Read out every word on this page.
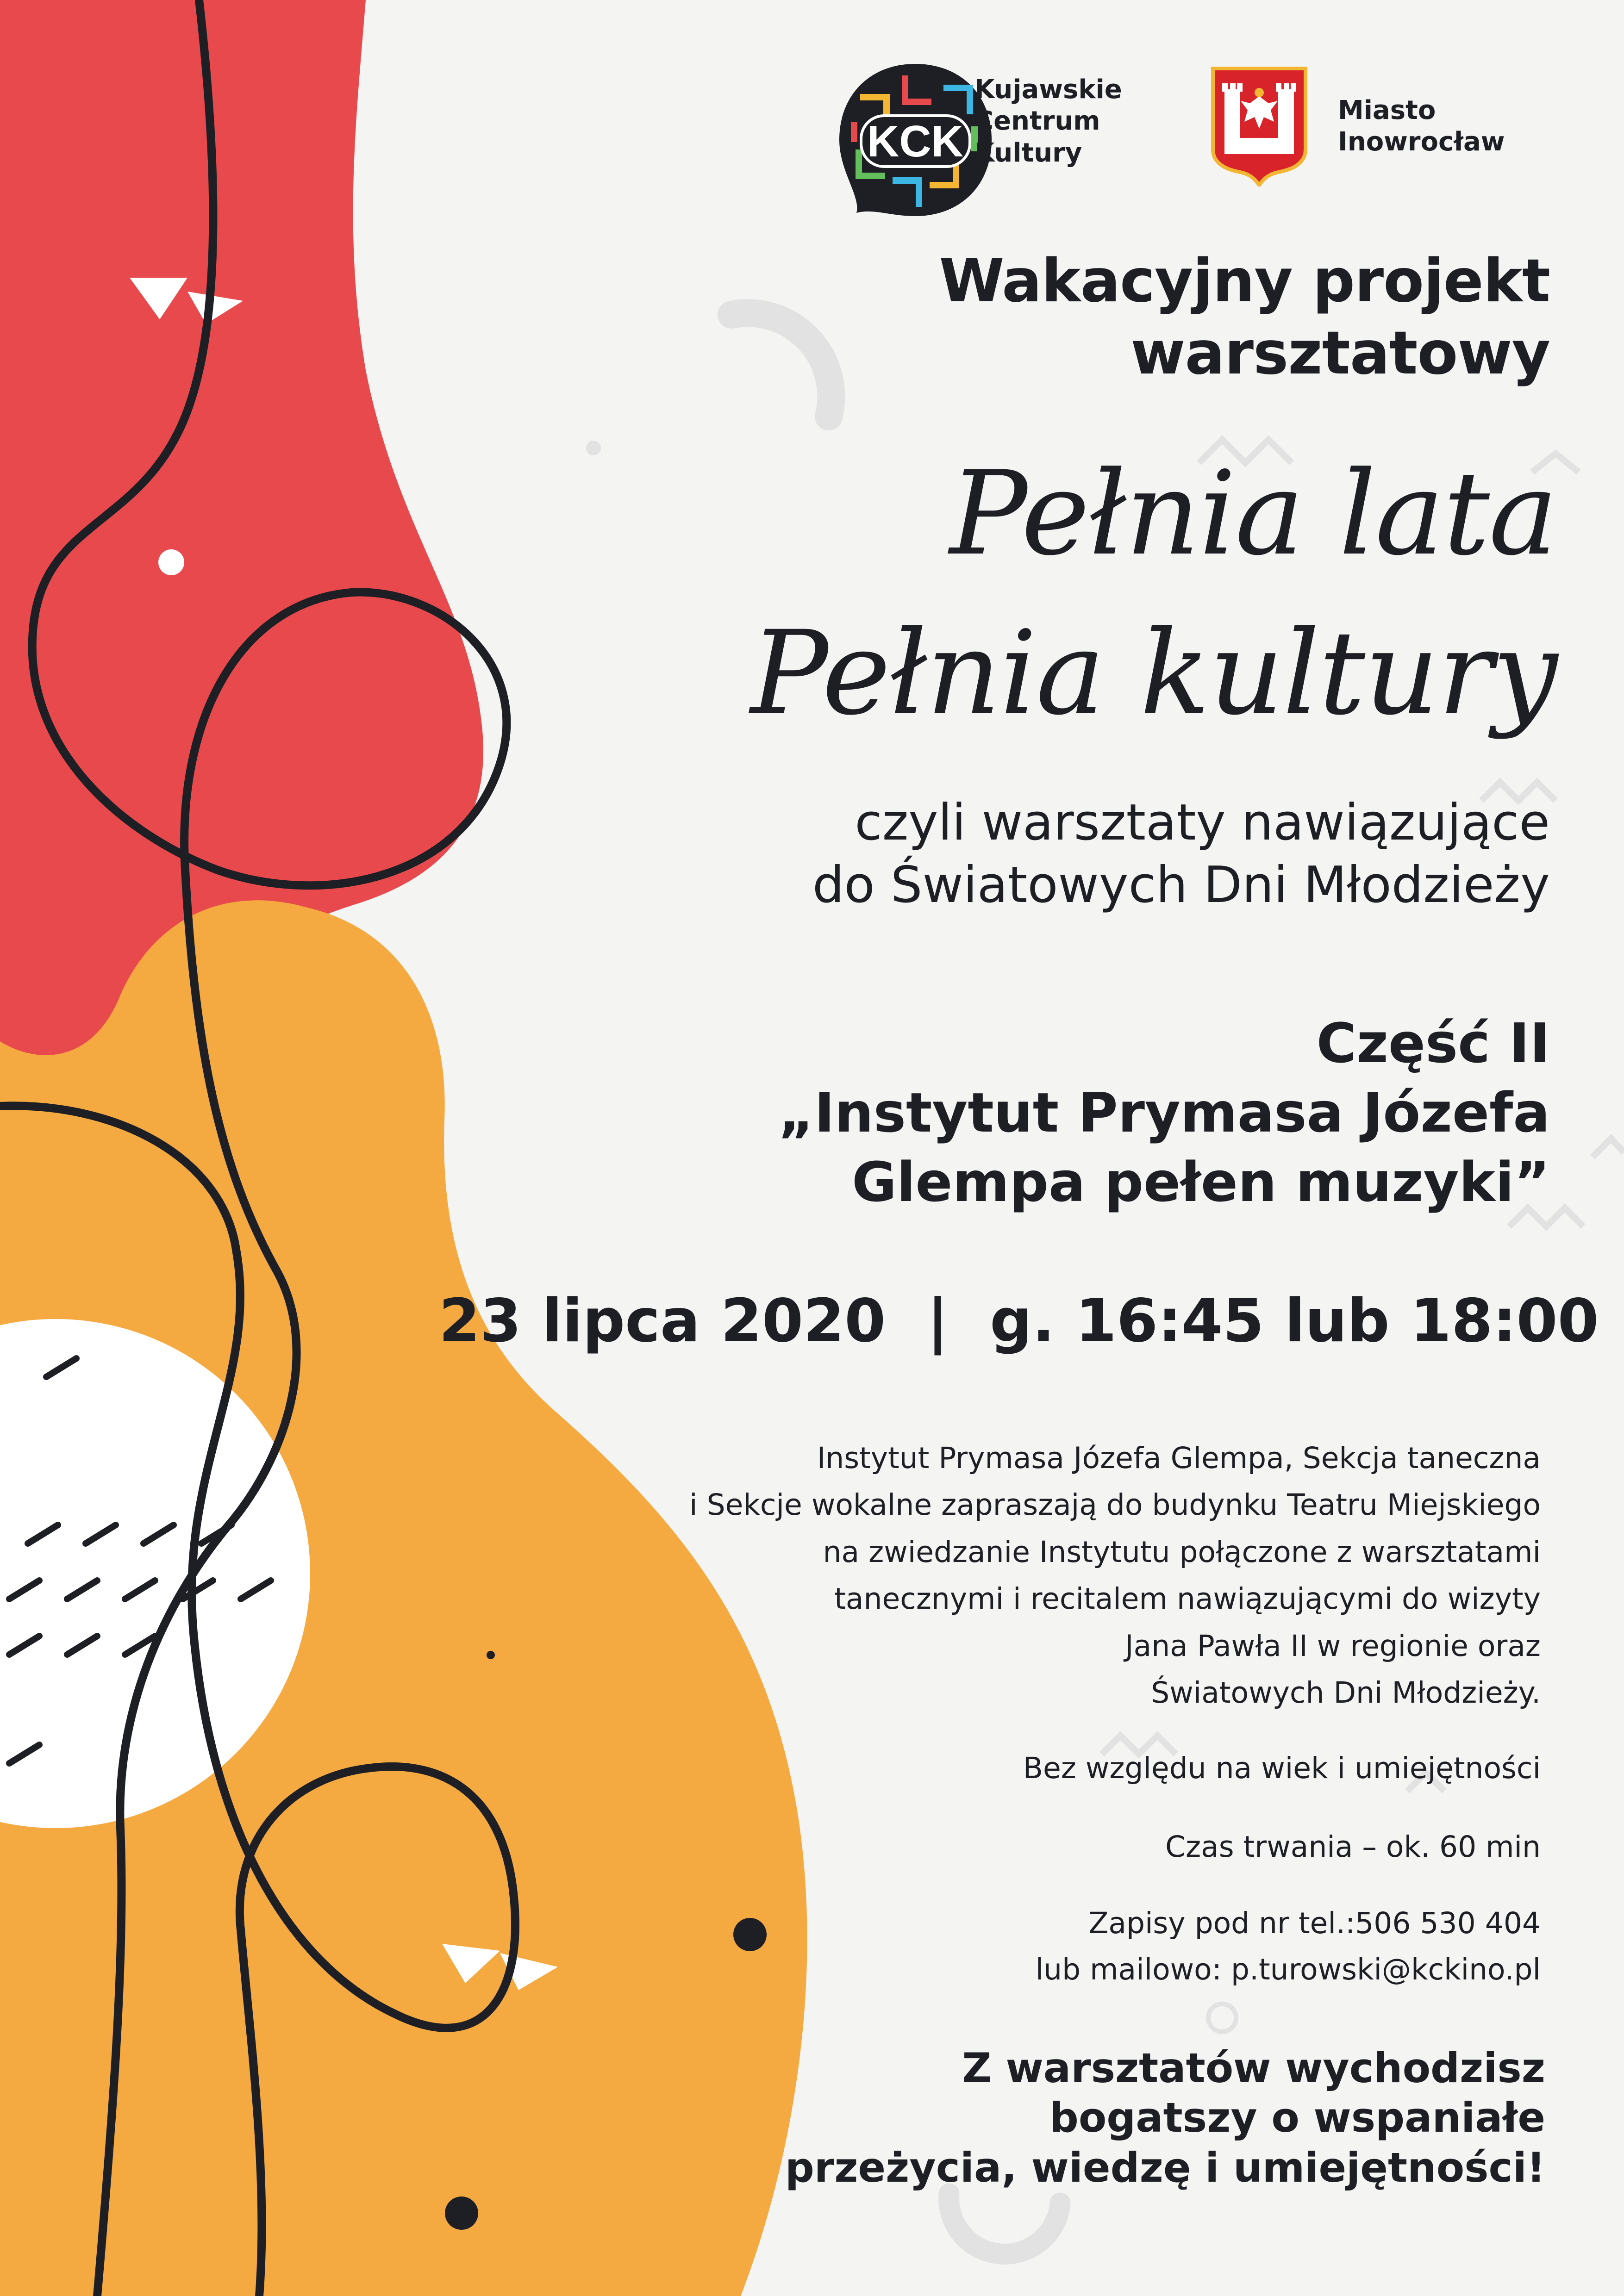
KCK
Kujawskie
Centrum
Kultury
Miasto
Inowrocław
Wakacyjny projekt
warsztatowy
Pełnia lata
Pełnia kultury
czyli warsztaty nawiązujące
do Światowych Dni Młodzieży
Część II
„Instytut Prymasa Józefa
Glempa pełen muzyki”
23 lipca 2020  |  g. 16:45 lub 18:00
Instytut Prymasa Józefa Glempa, Sekcja taneczna
i Sekcje wokalne zapraszają do budynku Teatru Miejskiego
na zwiedzanie Instytutu połączone z warsztatami
tanecznymi i recitalem nawiązującymi do wizyty
Jana Pawła II w regionie oraz
Światowych Dni Młodzieży.
Bez względu na wiek i umiejętności
Czas trwania – ok. 60 min
Zapisy pod nr tel.:506 530 404
lub mailowo: p.turowski@kckino.pl
Z warsztatów wychodzisz
bogatszy o wspaniałe
przeżycia, wiedzę i umiejętności!
